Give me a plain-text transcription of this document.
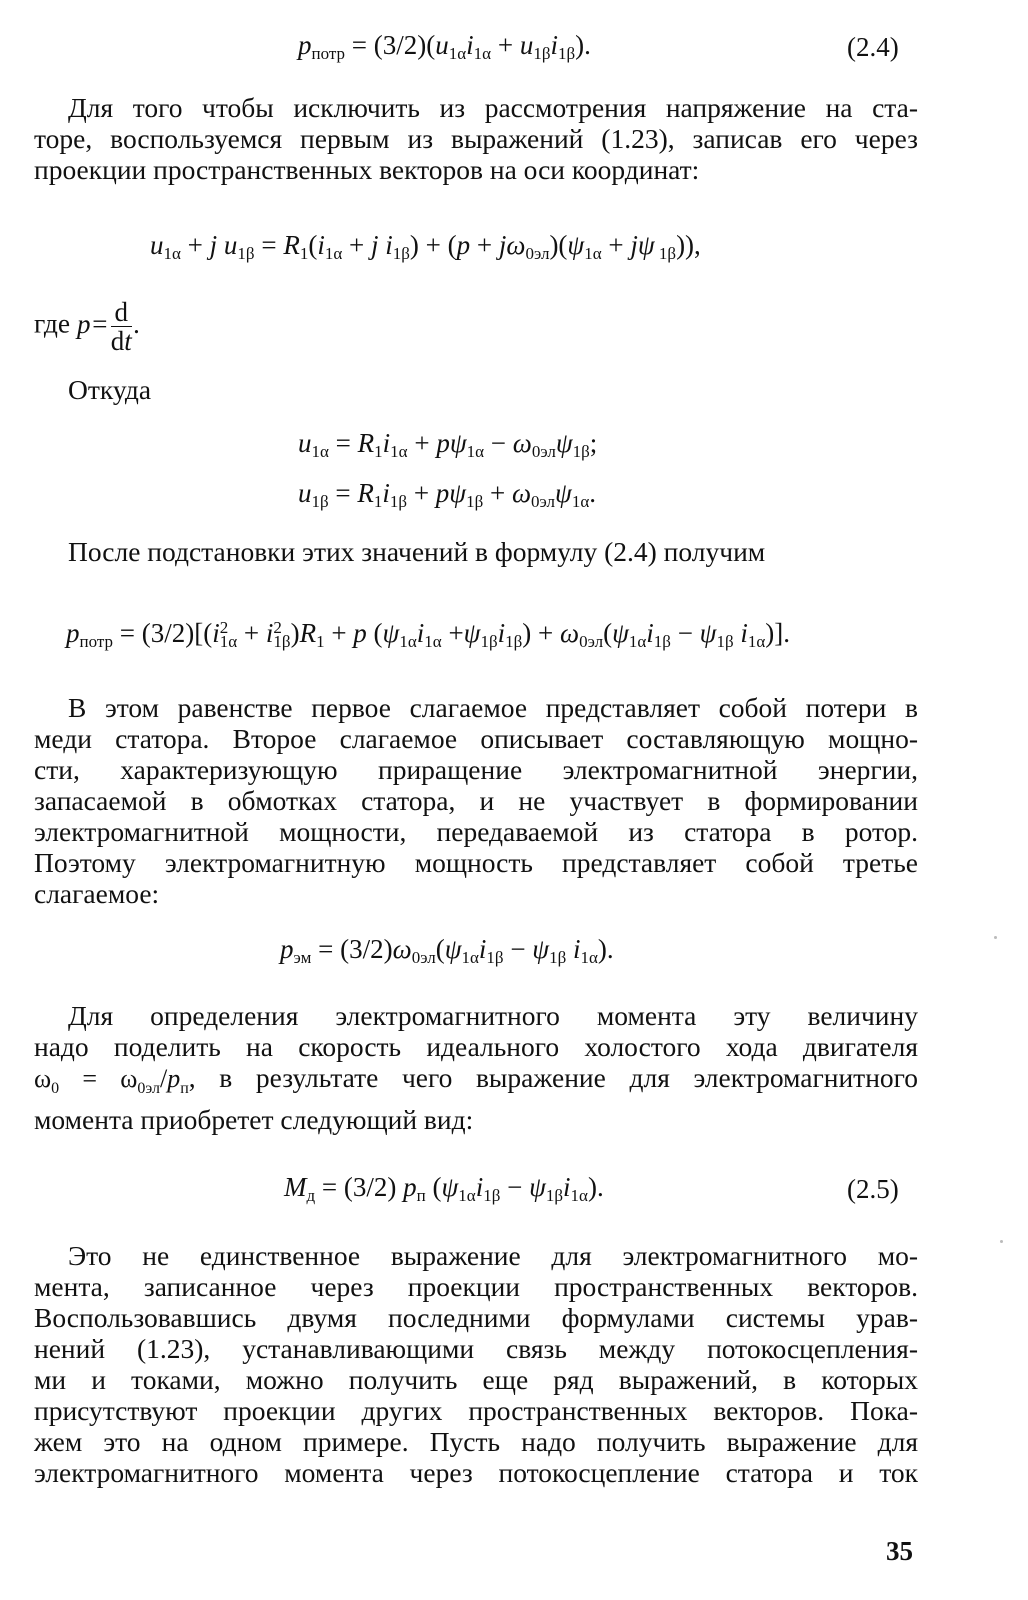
$p_{потр} = (3/2)(u_{1\alpha}i_{1\alpha} + u_{1\beta}i_{1\beta})$.	(2.4)
Для того чтобы исключить из рассмотрения напряжение на ста-
торе, воспользуемся первым из выражений (1.23), записав его через
проекции пространственных векторов на оси координат:
$u_{1\alpha} + j$ $u_{1\beta} = R_1(i_{1\alpha} + j$ $i_{1\beta}) + (p + j\omega_{0эл})(\psi_{1\alpha} + j\psi$ $_{1\beta}$)),
где $p= \frac{d}{dt}$ .
Откуда
$u_{1\alpha} = R_1i_{1\alpha} + p\psi_{1\alpha} - \omega_{0эл}\psi_{1\beta}$;
$u_{1\beta} = R_1i_{1\beta} + p\psi_{1\beta} + \omega_{0эл}\psi_{1\alpha}$.
После подстановки этих значений в формулу (2.4) получим
$p_{потр} = (3/2)[(i$ 2
1α + i 2
1β )$R_1 + p$ $(\psi_{1\alpha}i_{1\alpha} +\psi_{1\beta}i_{1\beta}) + \omega_{0эл}(\psi_{1\alpha}i_{1\beta} - \psi_{1\beta}$ $i_{1\alpha}$)].
В этом равенстве первое слагаемое представляет собой потери в
меди статора. Второе слагаемое описывает составляющую мощно-
сти, характеризующую приращение электромагнитной энергии,
запасаемой в обмотках статора, и не участвует в формировании
электромагнитной мощности, передаваемой из статора в ротор.
Поэтому электромагнитную мощность представляет собой третье
слагаемое:
$p_{эм} = (3/2)\omega_{0эл}(\psi_{1\alpha}i_{1\beta} - \psi_{1\beta}$ $i_{1\alpha}$).
Для определения электромагнитного момента эту величину
надо поделить на скорость идеального холостого хода двигателя
$\omega_0 = \omega_{0эл}/p_п$, в результате чего выражение для электромагнитного
момента приобретет следующий вид:
$M_д = (3/2)$ $p_п$ $(\psi_{1\alpha}i_{1\beta} - \psi_{1\beta}i_{1\alpha})$.	(2.5)
Это не единственное выражение для электромагнитного мо-
мента, записанное через проекции пространственных векторов.
Воспользовавшись двумя последними формулами системы урав-
нений (1.23), устанавливающими связь между потокосцепления-
ми и токами, можно получить еще ряд выражений, в которых
присутствуют проекции других пространственных векторов. Пока-
жем это на одном примере. Пусть надо получить выражение для
электромагнитного момента через потокосцепление статора и ток
35
